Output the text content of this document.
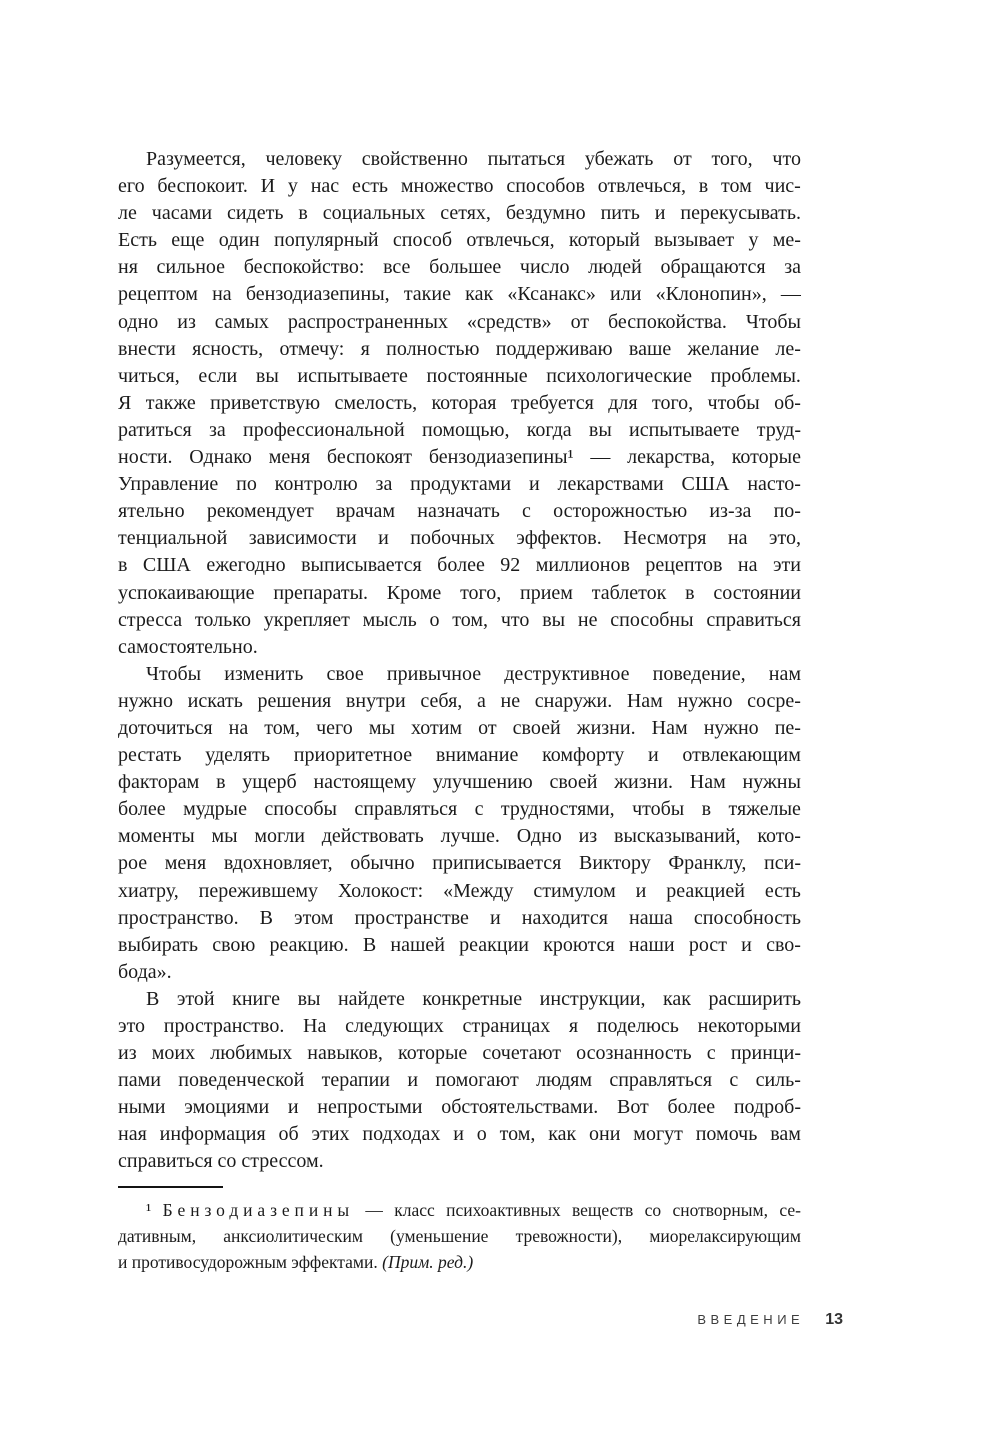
Разумеется, человеку свойственно пытаться убежать от того, что
его беспокоит. И у нас есть множество способов отвлечься, в том чис-
ле часами сидеть в социальных сетях, бездумно пить и перекусывать.
Есть еще один популярный способ отвлечься, который вызывает у ме-
ня сильное беспокойство: все большее число людей обращаются за
рецептом на бензодиазепины, такие как «Ксанакс» или «Клонопин», —
одно из самых распространенных «средств» от беспокойства. Чтобы
внести ясность, отмечу: я полностью поддерживаю ваше желание ле-
читься, если вы испытываете постоянные психологические проблемы.
Я также приветствую смелость, которая требуется для того, чтобы об-
ратиться за профессиональной помощью, когда вы испытываете труд-
ности. Однако меня беспокоят бензодиазепины¹ — лекарства, которые
Управление по контролю за продуктами и лекарствами США насто-
ятельно рекомендует врачам назначать с осторожностью из-за по-
тенциальной зависимости и побочных эффектов. Несмотря на это,
в США ежегодно выписывается более 92 миллионов рецептов на эти
успокаивающие препараты. Кроме того, прием таблеток в состоянии
стресса только укрепляет мысль о том, что вы не способны справиться
самостоятельно.
Чтобы изменить свое привычное деструктивное поведение, нам
нужно искать решения внутри себя, а не снаружи. Нам нужно сосре-
доточиться на том, чего мы хотим от своей жизни. Нам нужно пе-
рестать уделять приоритетное внимание комфорту и отвлекающим
факторам в ущерб настоящему улучшению своей жизни. Нам нужны
более мудрые способы справляться с трудностями, чтобы в тяжелые
моменты мы могли действовать лучше. Одно из высказываний, кото-
рое меня вдохновляет, обычно приписывается Виктору Франклу, пси-
хиатру, пережившему Холокост: «Между стимулом и реакцией есть
пространство. В этом пространстве и находится наша способность
выбирать свою реакцию. В нашей реакции кроются наши рост и сво-
бода».
В этой книге вы найдете конкретные инструкции, как расширить
это пространство. На следующих страницах я поделюсь некоторыми
из моих любимых навыков, которые сочетают осознанность с принци-
пами поведенческой терапии и помогают людям справляться с силь-
ными эмоциями и непростыми обстоятельствами. Вот более подроб-
ная информация об этих подходах и о том, как они могут помочь вам
справиться со стрессом.
¹ Бензодиазепины — класс психоактивных веществ со снотворным, се-
дативным, анксиолитическим (уменьшение тревожности), миорелаксирующим
и противосудорожным эффектами. (Прим. ред.)
ВВЕДЕНИЕ 13
